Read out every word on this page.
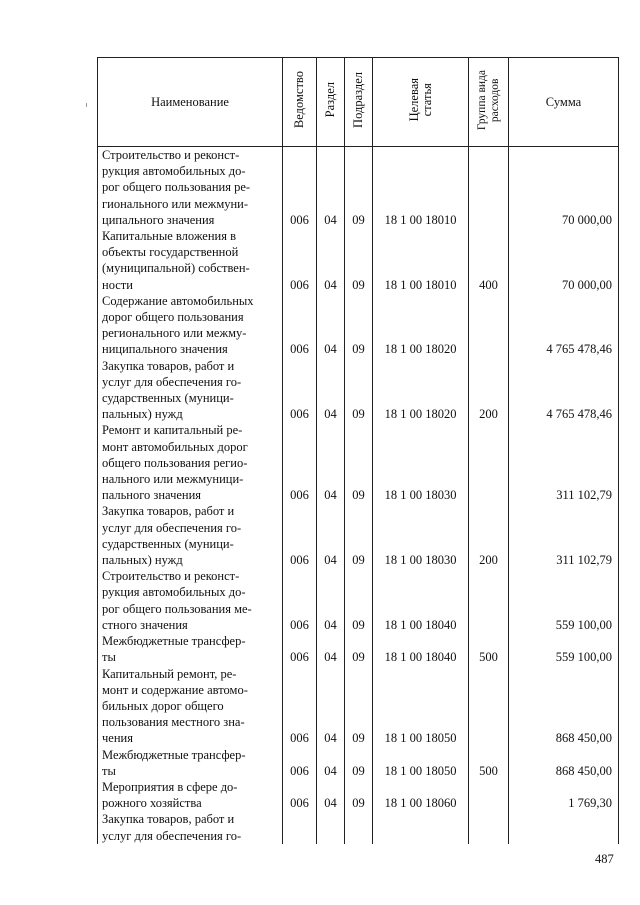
Наименование	Ведомство	Раздел	Подраздел	Целевая
статья	Группа вида
расходов	Сумма
Строительство и реконст-
рукция автомобильных до-
рог общего пользования ре-
гионального или межмуни-
ципального значения	006	04	09	18 1 00 18010		70 000,00
Капитальные вложения в
объекты государственной
(муниципальной) собствен-
ности	006	04	09	18 1 00 18010	400	70 000,00
Содержание автомобильных
дорог общего пользования
регионального или межму-
ниципального значения	006	04	09	18 1 00 18020		4 765 478,46
Закупка товаров, работ и
услуг для обеспечения го-
сударственных (муници-
пальных) нужд	006	04	09	18 1 00 18020	200	4 765 478,46
Ремонт и капитальный ре-
монт автомобильных дорог
общего пользования регио-
нального или межмуници-
пального значения	006	04	09	18 1 00 18030		311 102,79
Закупка товаров, работ и
услуг для обеспечения го-
сударственных (муници-
пальных) нужд	006	04	09	18 1 00 18030	200	311 102,79
Строительство и реконст-
рукция автомобильных до-
рог общего пользования ме-
стного значения	006	04	09	18 1 00 18040		559 100,00
Межбюджетные трансфер-
ты	006	04	09	18 1 00 18040	500	559 100,00
Капитальный ремонт, ре-
монт и содержание автомо-
бильных дорог общего
пользования местного зна-
чения	006	04	09	18 1 00 18050		868 450,00
Межбюджетные трансфер-
ты	006	04	09	18 1 00 18050	500	868 450,00
Мероприятия в сфере до-
рожного хозяйства	006	04	09	18 1 00 18060		1 769,30
Закупка товаров, работ и
услуг для обеспечения го-						
487
